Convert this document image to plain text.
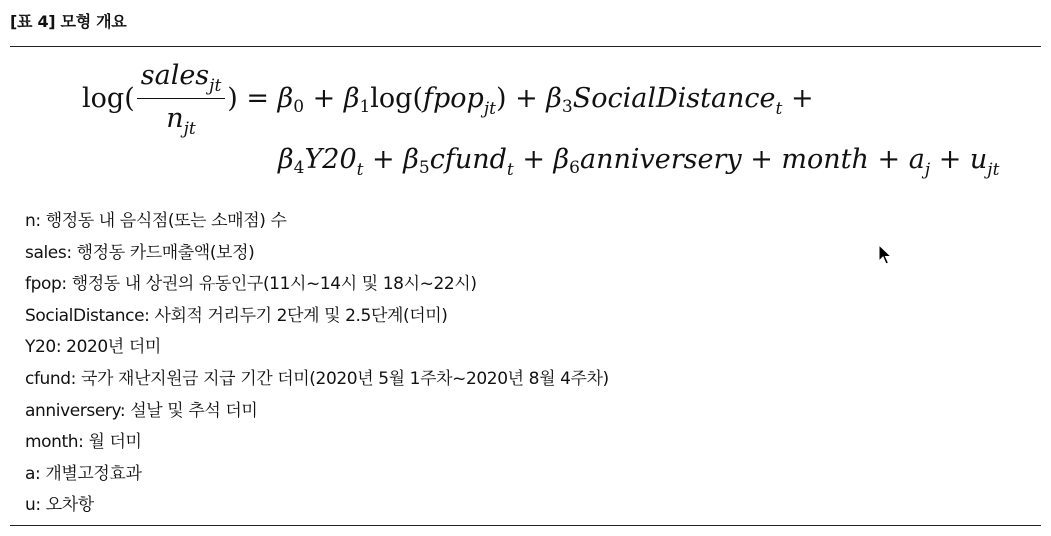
[표 4] 모형 개요
$\log( \frac{sales_{jt}}{n_{jt}}$ ) = β0 + β1log(fpop$_{jt}$) + β3SocialDistance$_t$ +
$\beta 4Y20_t$ + β5cfund$_t$ + β6anniversery + month + $a_j + u_{jt}$
n: 행정동 내 음식점(또는 소매점) 수
sales: 행정동 카드매출액(보정)
fpop: 행정동 내 상권의 유동인구(11시~14시 및 18시~22시)
SocialDistance: 사회적 거리두기 2단계 및 2.5단계(더미)
Y20: 2020년 더미
cfund: 국가 재난지원금 지급 기간 더미(2020년 5월 1주차~2020년 8월 4주차)
anniversery: 설날 및 추석 더미
month: 월 더미
a: 개별고정효과
u: 오차항
